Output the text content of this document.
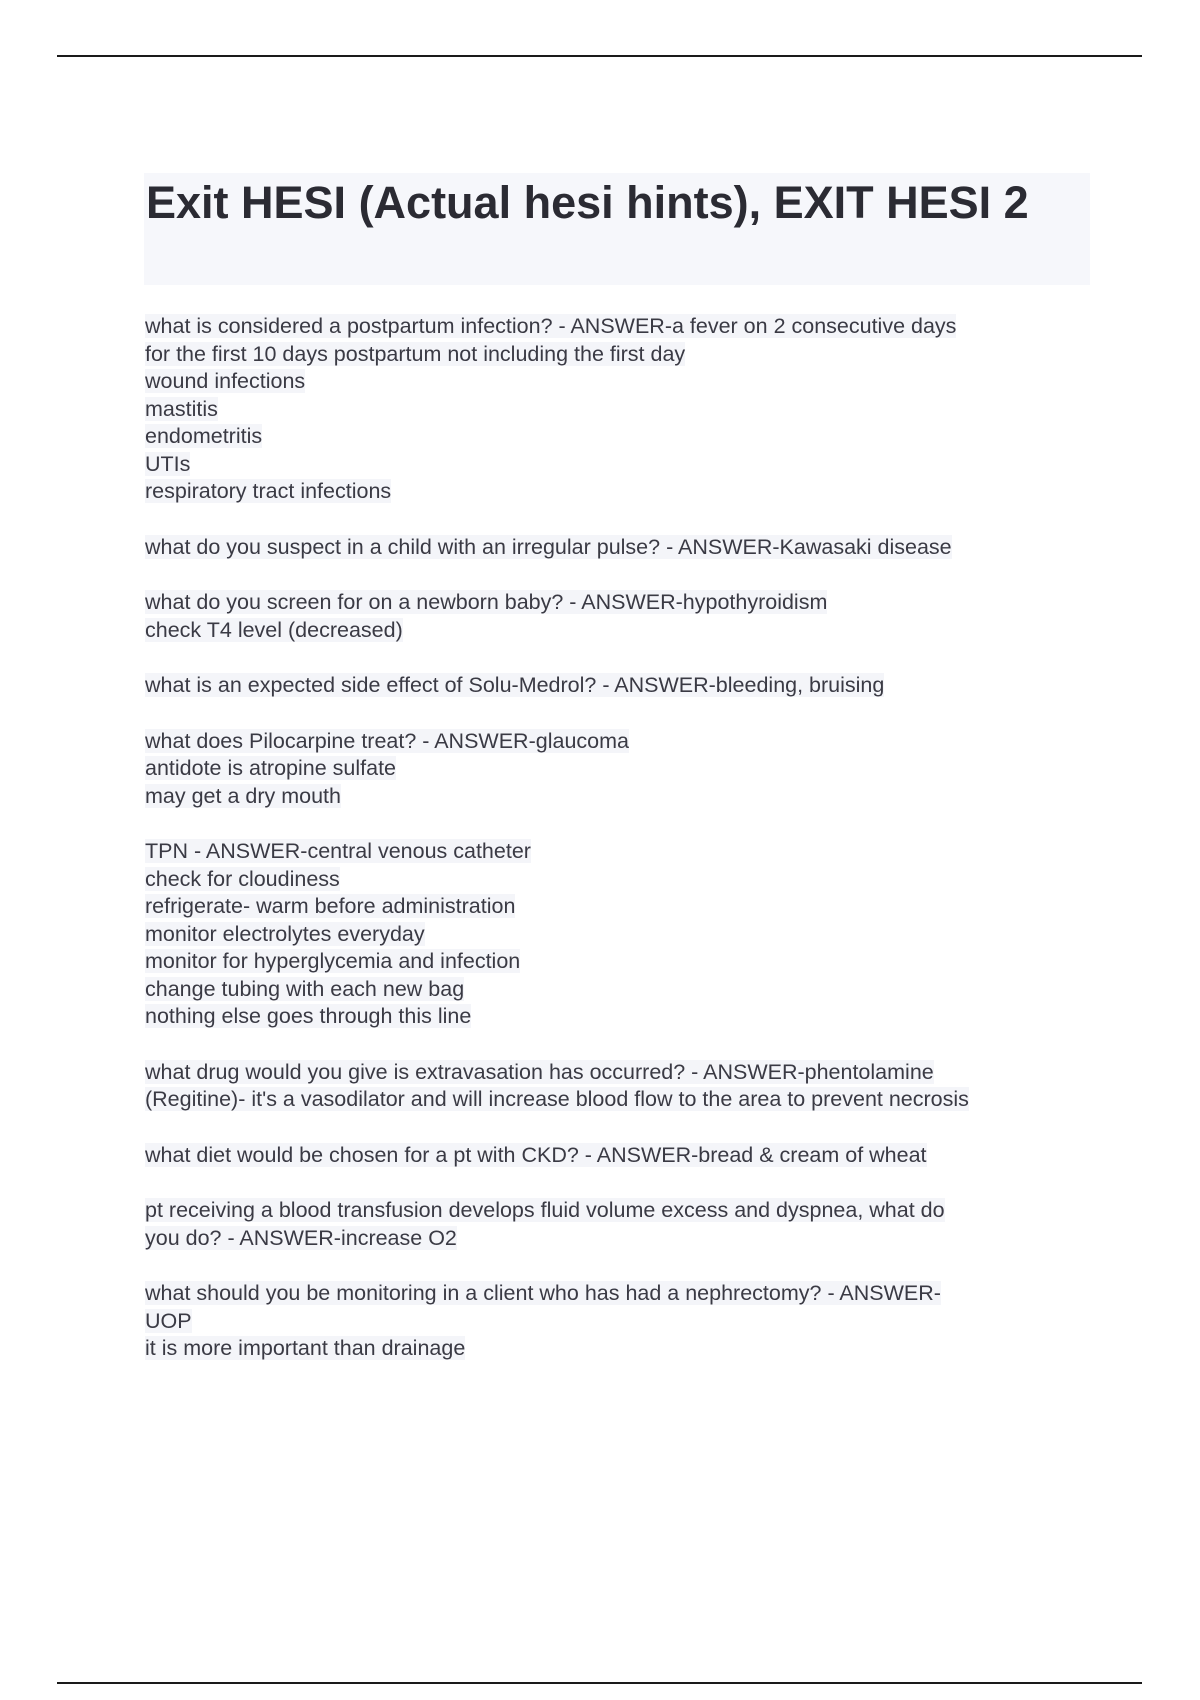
Exit HESI (Actual hesi hints), EXIT HESI 2
what is considered a postpartum infection? - ANSWER-a fever on 2 consecutive days
for the first 10 days postpartum not including the first day
wound infections
mastitis
endometritis
UTIs
respiratory tract infections
what do you suspect in a child with an irregular pulse? - ANSWER-Kawasaki disease
what do you screen for on a newborn baby? - ANSWER-hypothyroidism
check T4 level (decreased)
what is an expected side effect of Solu-Medrol? - ANSWER-bleeding, bruising
what does Pilocarpine treat? - ANSWER-glaucoma
antidote is atropine sulfate
may get a dry mouth
TPN - ANSWER-central venous catheter
check for cloudiness
refrigerate- warm before administration
monitor electrolytes everyday
monitor for hyperglycemia and infection
change tubing with each new bag
nothing else goes through this line
what drug would you give is extravasation has occurred? - ANSWER-phentolamine
(Regitine)- it's a vasodilator and will increase blood flow to the area to prevent necrosis
what diet would be chosen for a pt with CKD? - ANSWER-bread & cream of wheat
pt receiving a blood transfusion develops fluid volume excess and dyspnea, what do
you do? - ANSWER-increase O2
what should you be monitoring in a client who has had a nephrectomy? - ANSWER-
UOP
it is more important than drainage
